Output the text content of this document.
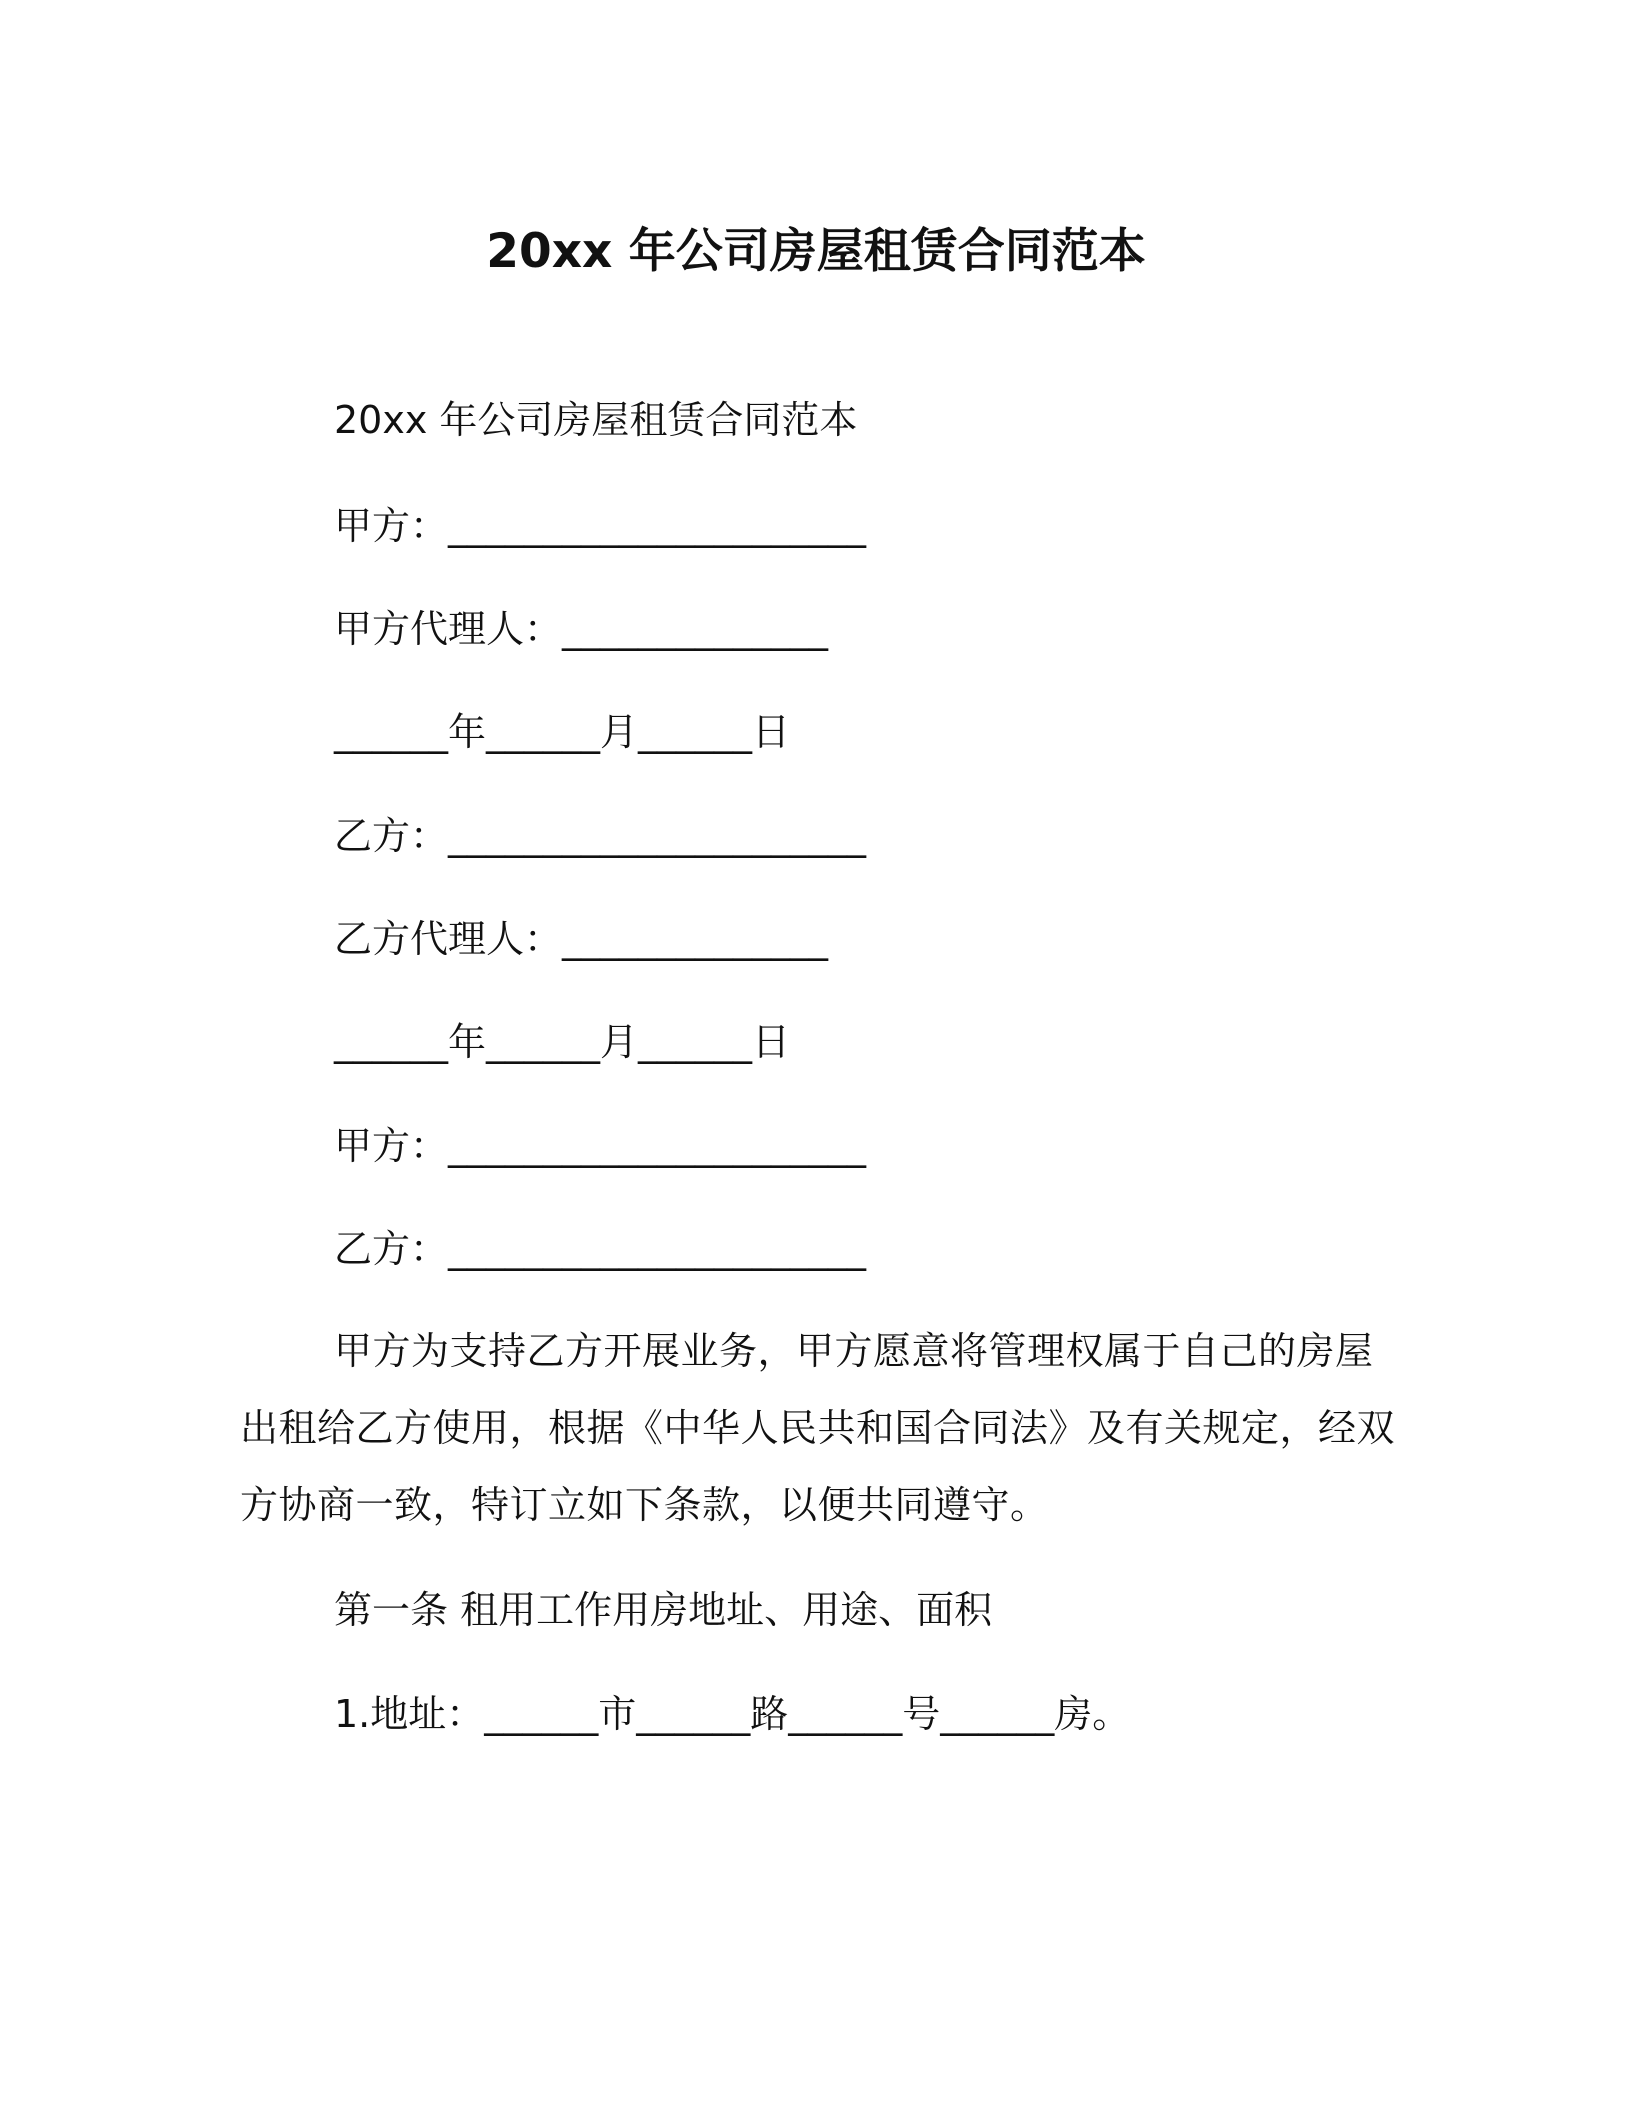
20xx 年公司房屋租赁合同范本
20xx 年公司房屋租赁合同范本
甲方：______________________
甲方代理人：______________
______年______月______日
乙方：______________________
乙方代理人：______________
______年______月______日
甲方：______________________
乙方：______________________
甲方为支持乙方开展业务，甲方愿意将管理权属于自己的房屋出租给乙方使用，根据《中华人民共和国合同法》及有关规定，经双方协商一致，特订立如下条款，以便共同遵守。
第一条 租用工作用房地址、用途、面积
1.地址：______市______路______号______房。
